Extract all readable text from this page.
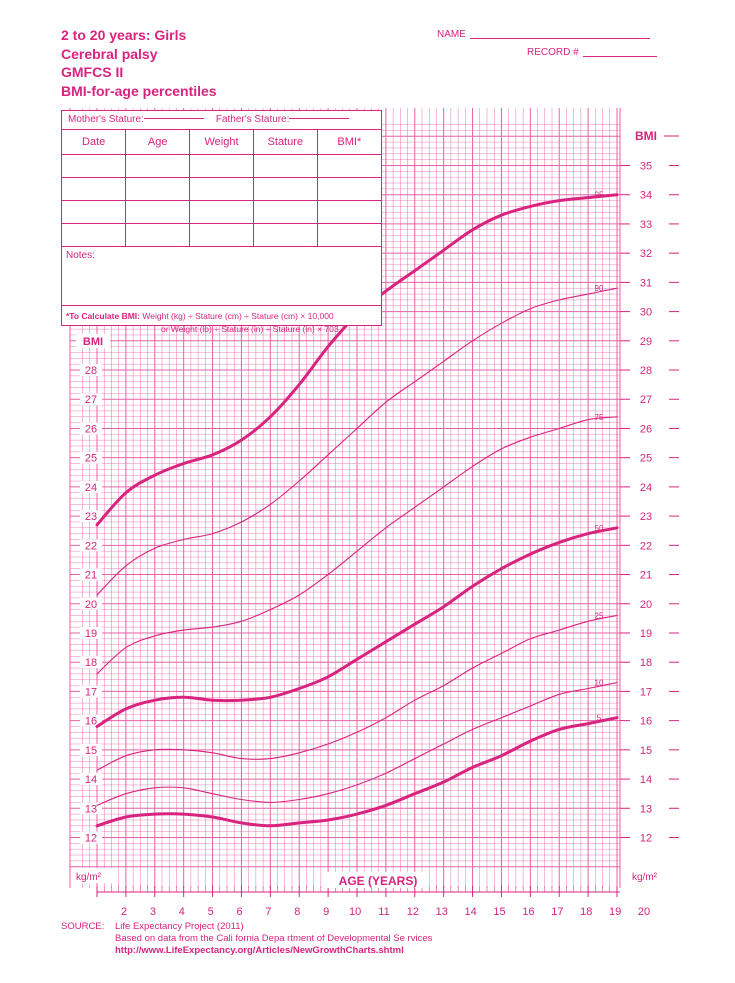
12
13
14
15
16
17
18
19
20
21
22
23
24
25
26
27
28
29
30
31
32
33
34
35
BMI
12
13
14
15
16
17
18
19
20
21
22
23
24
25
26
27
28
BMI
kg/m²	kg/m²
AGE (YEARS)
2 3 4 5 6 7 8 9 10 11 12 13 14 15 16 17 18 19 20
95
90
75
50
25
10
5
2 to 20 years: Girls
Cerebral palsy
GMFCS II
BMI-for-age percentiles
NAME
RECORD #
Mother's Stature:	Father's Stature:
Date	Age	Weight	Stature	BMI*

Notes:
*To Calculate BMI: Weight (kg) ÷ Stature (cm) ÷ Stature (cm) × 10,000
or Weight (lb) ÷ Stature (in) ÷ Stature (in) × 703
SOURCE: Life Expectancy Project (2011)
Based on data from the Cali fornia Depa rtment of Developmental Se rvices
http://www.LifeExpectancy.org/Articles/NewGrowthCharts.shtml
